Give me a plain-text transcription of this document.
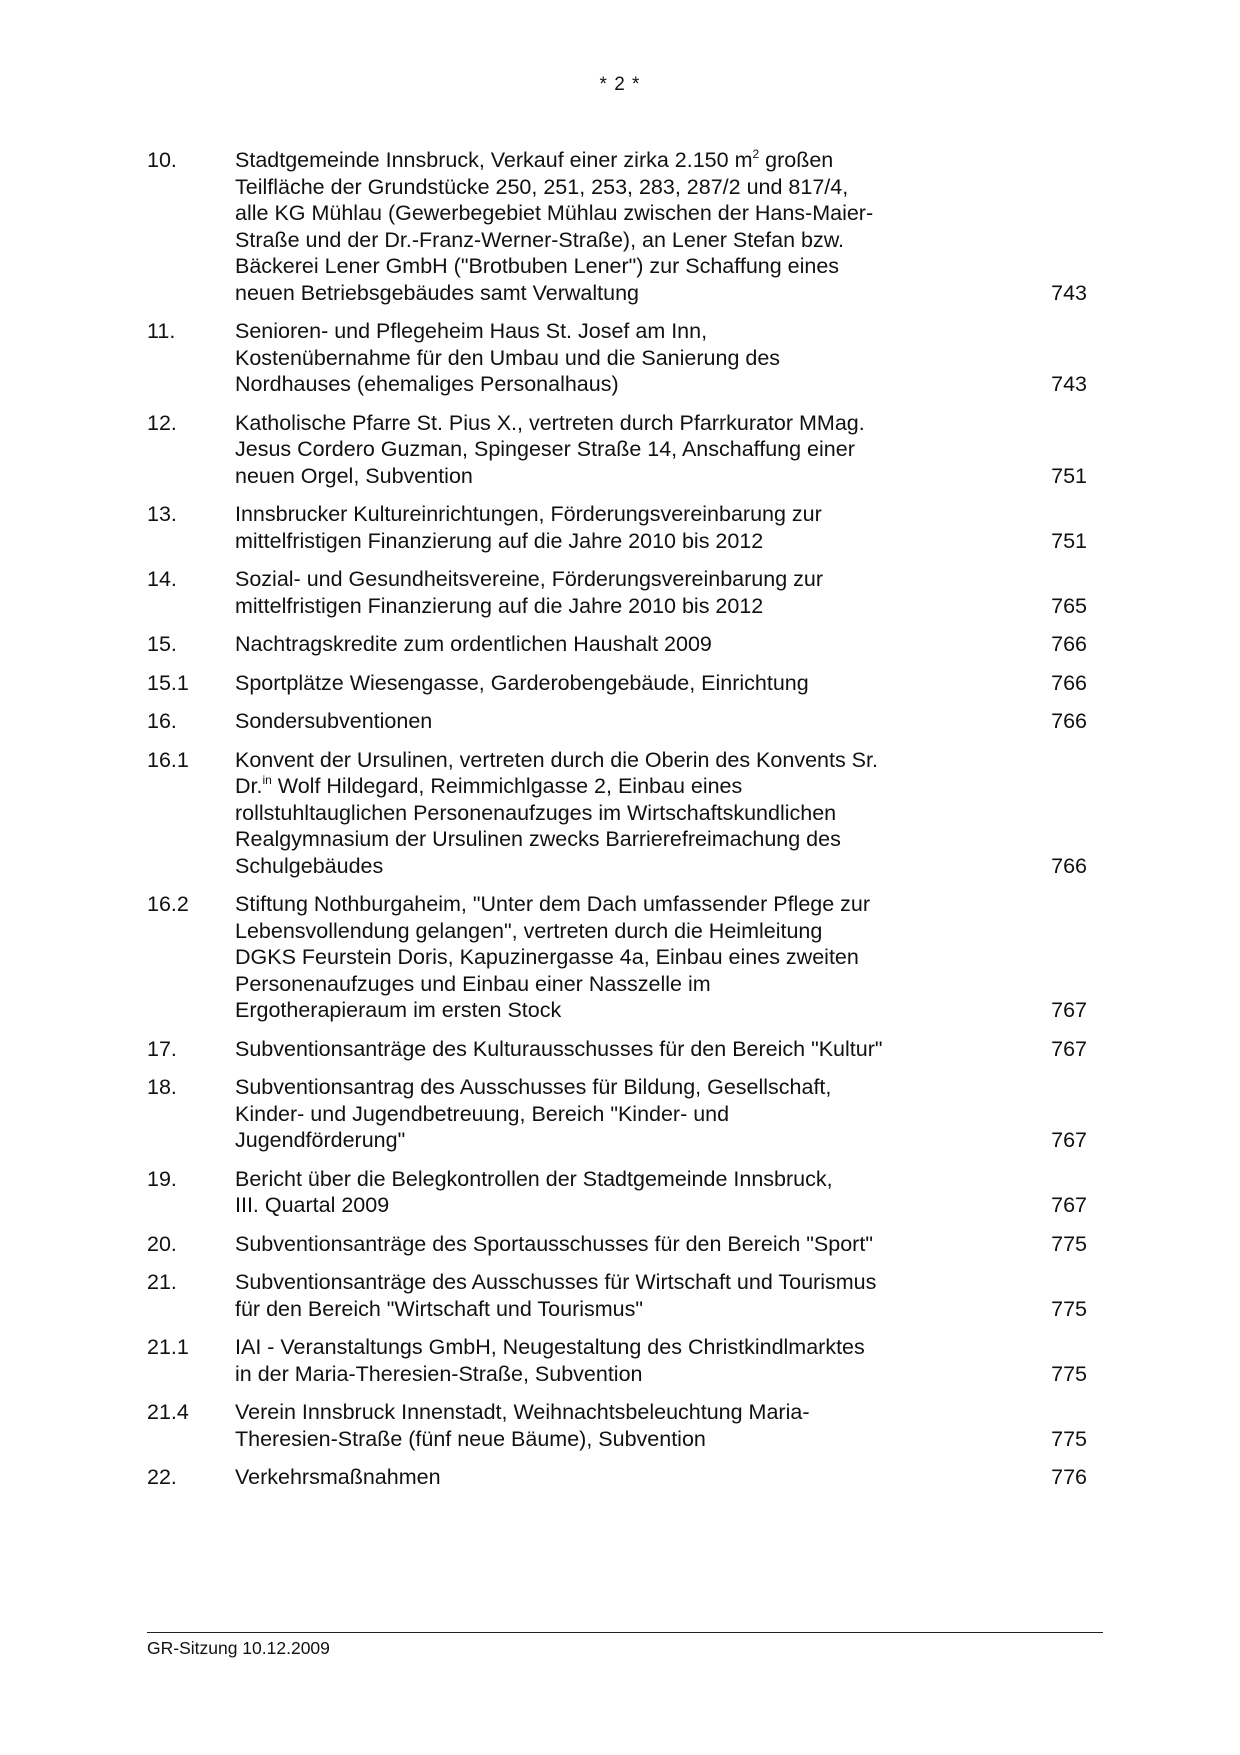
* 2 *
10.	Stadtgemeinde Innsbruck, Verkauf einer zirka 2.150 $m^2$ großen
Teilfläche der Grundstücke 250, 251, 253, 283, 287/2 und 817/4,
alle KG Mühlau (Gewerbegebiet Mühlau zwischen der Hans-Maier-
Straße und der Dr.-Franz-Werner-Straße), an Lener Stefan bzw.
Bäckerei Lener GmbH ("Brotbuben Lener") zur Schaffung eines
neuen Betriebsgebäudes samt Verwaltung	743
11.	Senioren- und Pflegeheim Haus St. Josef am Inn,
Kostenübernahme für den Umbau und die Sanierung des
Nordhauses (ehemaliges Personalhaus)	743
12.	Katholische Pfarre St. Pius X., vertreten durch Pfarrkurator MMag.
Jesus Cordero Guzman, Spingeser Straße 14, Anschaffung einer
neuen Orgel, Subvention	751
13.	Innsbrucker Kultureinrichtungen, Förderungsvereinbarung zur
mittelfristigen Finanzierung auf die Jahre 2010 bis 2012	751
14.	Sozial- und Gesundheitsvereine, Förderungsvereinbarung zur
mittelfristigen Finanzierung auf die Jahre 2010 bis 2012	765
15.	Nachtragskredite zum ordentlichen Haushalt 2009	766
15.1	Sportplätze Wiesengasse, Garderobengebäude, Einrichtung	766
16.	Sondersubventionen	766
16.1	Konvent der Ursulinen, vertreten durch die Oberin des Konvents Sr.
Dr.$^{in}$ Wolf Hildegard, Reimmichlgasse 2, Einbau eines
rollstuhltauglichen Personenaufzuges im Wirtschaftskundlichen
Realgymnasium der Ursulinen zwecks Barrierefreimachung des
Schulgebäudes	766
16.2	Stiftung Nothburgaheim, "Unter dem Dach umfassender Pflege zur
Lebensvollendung gelangen", vertreten durch die Heimleitung
DGKS Feurstein Doris, Kapuzinergasse 4a, Einbau eines zweiten
Personenaufzuges und Einbau einer Nasszelle im
Ergotherapieraum im ersten Stock	767
17.	Subventionsanträge des Kulturausschusses für den Bereich "Kultur"	767
18.	Subventionsantrag des Ausschusses für Bildung, Gesellschaft,
Kinder- und Jugendbetreuung, Bereich "Kinder- und
Jugendförderung"	767
19.	Bericht über die Belegkontrollen der Stadtgemeinde Innsbruck,
III. Quartal 2009	767
20.	Subventionsanträge des Sportausschusses für den Bereich "Sport"	775
21.	Subventionsanträge des Ausschusses für Wirtschaft und Tourismus
für den Bereich "Wirtschaft und Tourismus"	775
21.1	IAI - Veranstaltungs GmbH, Neugestaltung des Christkindlmarktes
in der Maria-Theresien-Straße, Subvention	775
21.4	Verein Innsbruck Innenstadt, Weihnachtsbeleuchtung Maria-
Theresien-Straße (fünf neue Bäume), Subvention	775
22.	Verkehrsmaßnahmen	776
GR-Sitzung 10.12.2009
